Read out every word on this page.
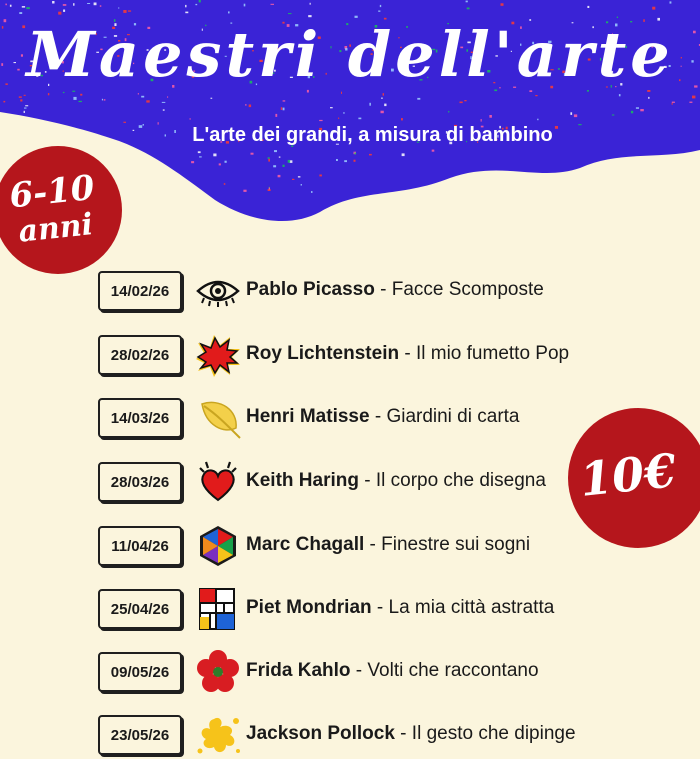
Maestri dell'arte
L'arte dei grandi, a misura di bambino
6-10
anni
10€
14/02/26	Pablo Picasso - Facce Scomposte
28/02/26	Roy Lichtenstein - Il mio fumetto Pop
14/03/26	Henri Matisse - Giardini di carta
28/03/26	Keith Haring - Il corpo che disegna
11/04/26	Marc Chagall - Finestre sui sogni
25/04/26	Piet Mondrian - La mia città astratta
09/05/26	Frida Kahlo - Volti che raccontano
23/05/26	Jackson Pollock - Il gesto che dipinge
